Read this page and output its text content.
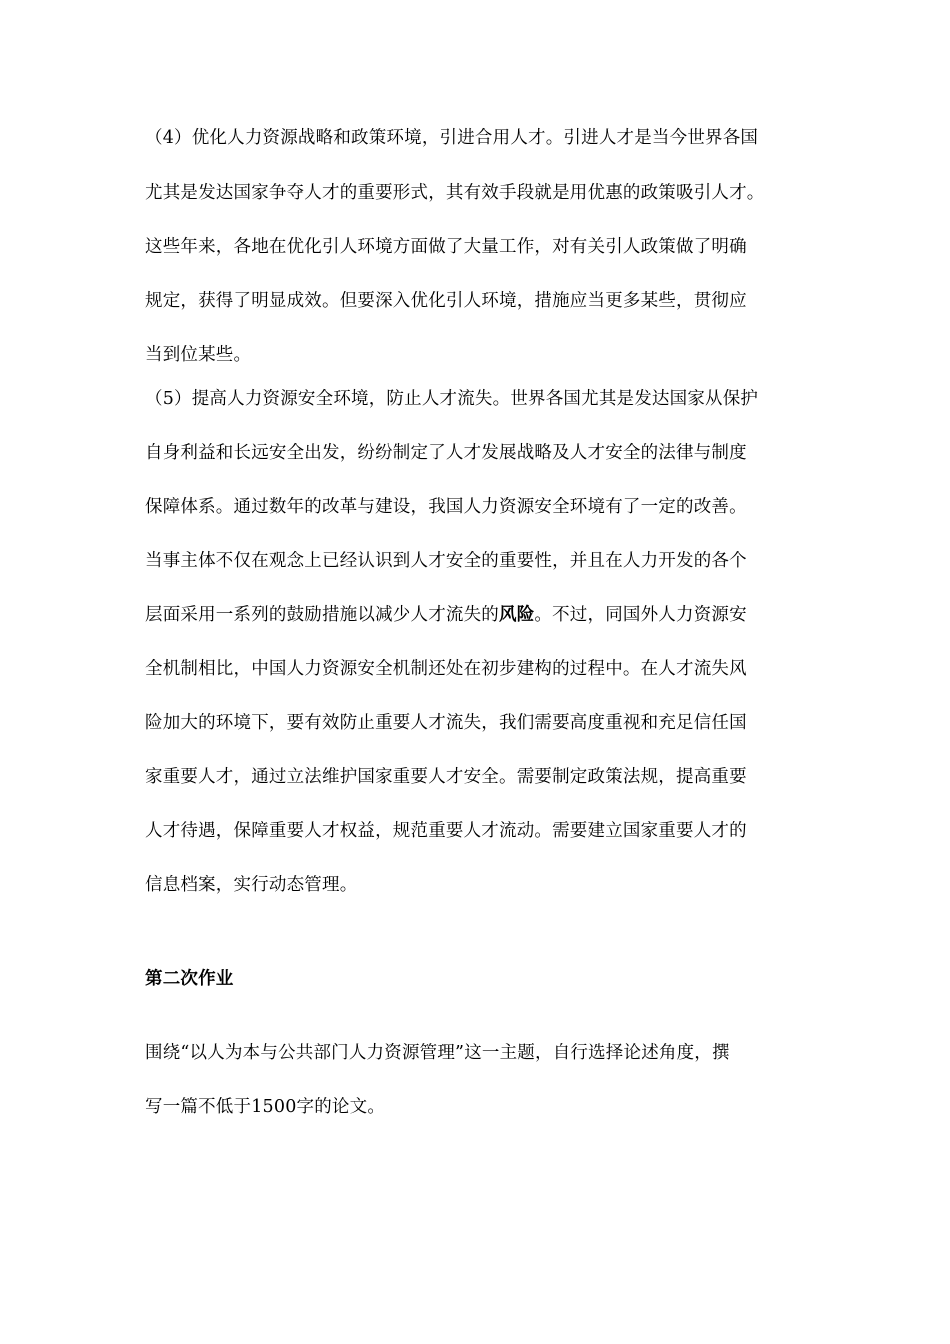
（4）优化人力资源战略和政策环境，引进合用人才。引进人才是当今世界各国
尤其是发达国家争夺人才的重要形式，其有效手段就是用优惠的政策吸引人才。
这些年来，各地在优化引人环境方面做了大量工作，对有关引人政策做了明确
规定，获得了明显成效。但要深入优化引人环境，措施应当更多某些，贯彻应
当到位某些。
（5）提高人力资源安全环境，防止人才流失。世界各国尤其是发达国家从保护
自身利益和长远安全出发，纷纷制定了人才发展战略及人才安全的法律与制度
保障体系。通过数年的改革与建设，我国人力资源安全环境有了一定的改善。
当事主体不仅在观念上已经认识到人才安全的重要性，并且在人力开发的各个
层面采用一系列的鼓励措施以减少人才流失的风险。不过，同国外人力资源安
全机制相比，中国人力资源安全机制还处在初步建构的过程中。在人才流失风
险加大的环境下，要有效防止重要人才流失，我们需要高度重视和充足信任国
家重要人才，通过立法维护国家重要人才安全。需要制定政策法规，提高重要
人才待遇，保障重要人才权益，规范重要人才流动。需要建立国家重要人才的
信息档案，实行动态管理。
第二次作业
围绕“以人为本与公共部门人力资源管理”这一主题，自行选择论述角度，撰
写一篇不低于1500字的论文。
